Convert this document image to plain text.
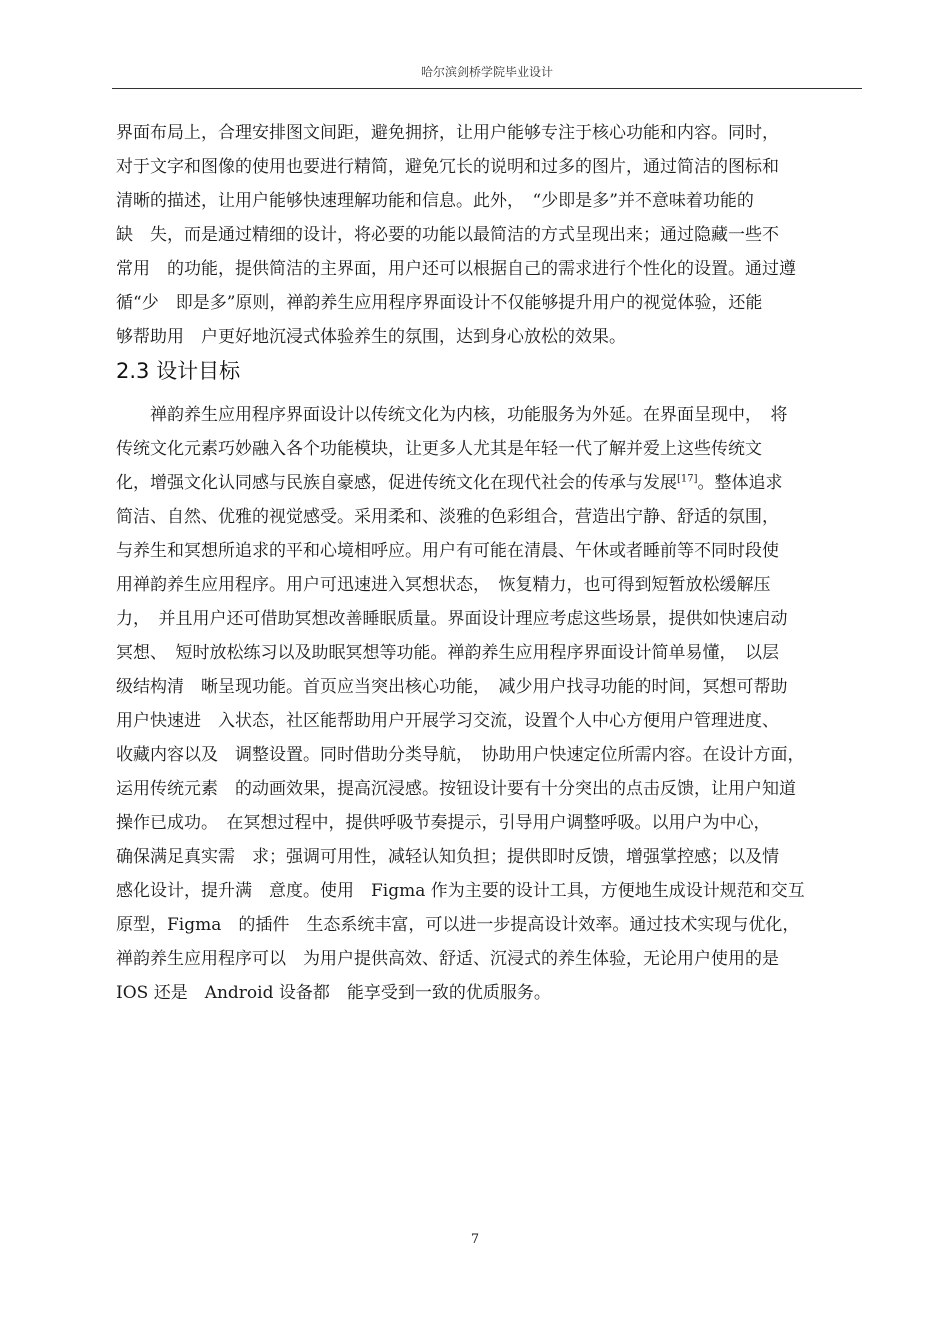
哈尔滨剑桥学院毕业设计
界面布局上，合理安排图文间距，避免拥挤，让用户能够专注于核心功能和内容。同时，
对于文字和图像的使用也要进行精简，避免冗长的说明和过多的图片，通过简洁的图标和
清晰的描述，让用户能够快速理解功能和信息。此外，　“少即是多”并不意味着功能的
缺　失，而是通过精细的设计，将必要的功能以最简洁的方式呈现出来；通过隐藏一些不
常用　的功能，提供简洁的主界面，用户还可以根据自己的需求进行个性化的设置。通过遵
循“少　即是多”原则，禅韵养生应用程序界面设计不仅能够提升用户的视觉体验，还能
够帮助用　户更好地沉浸式体验养生的氛围，达到身心放松的效果。
禅韵养生应用程序界面设计以传统文化为内核，功能服务为外延。在界面呈现中，　将
传统文化元素巧妙融入各个功能模块，让更多人尤其是年轻一代了解并爱上这些传统文
化，增强文化认同感与民族自豪感，促进传统文化在现代社会的传承与发展[17]。整体追求
简洁、自然、优雅的视觉感受。采用柔和、淡雅的色彩组合，营造出宁静、舒适的氛围，
与养生和冥想所追求的平和心境相呼应。用户有可能在清晨、午休或者睡前等不同时段使
用禅韵养生应用程序。用户可迅速进入冥想状态，　恢复精力，也可得到短暂放松缓解压
力，　并且用户还可借助冥想改善睡眠质量。界面设计理应考虑这些场景，提供如快速启动
冥想、　短时放松练习以及助眠冥想等功能。禅韵养生应用程序界面设计简单易懂，　以层
级结构清　晰呈现功能。首页应当突出核心功能，　减少用户找寻功能的时间，冥想可帮助
用户快速进　入状态，社区能帮助用户开展学习交流，设置个人中心方便用户管理进度、
收藏内容以及　调整设置。同时借助分类导航，　协助用户快速定位所需内容。在设计方面，
运用传统元素　的动画效果，提高沉浸感。按钮设计要有十分突出的点击反馈，让用户知道
操作已成功。　在冥想过程中，提供呼吸节奏提示，引导用户调整呼吸。以用户为中心，
确保满足真实需　求；强调可用性，减轻认知负担；提供即时反馈，增强掌控感；以及情
感化设计，提升满　意度。使用　Figma 作为主要的设计工具，方便地生成设计规范和交互
原型，Figma　的插件　生态系统丰富，可以进一步提高设计效率。通过技术实现与优化，
禅韵养生应用程序可以　为用户提供高效、舒适、沉浸式的养生体验，无论用户使用的是
IOS 还是　Android 设备都　能享受到一致的优质服务。
2.3 设计目标
7
